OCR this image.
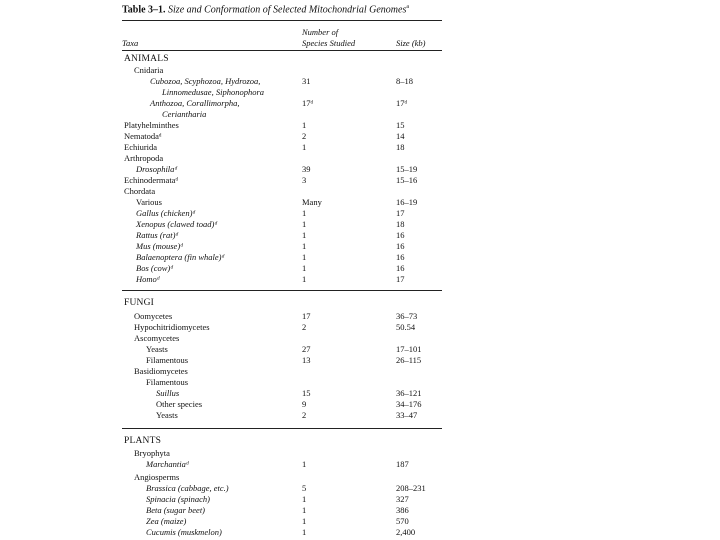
Table 3–1. Size and Conformation of Selected Mitochondrial Genomes$^a$
Taxa
Number of
Species Studied	Size (kb)
ANIMALS
Cnidaria
Cubozoa, Scyphozoa, Hydrozoa,	31	8–18
Linnomedusae, Siphonophora
Anthozoa, Corallimorpha,	17ᵈ	17ᵈ
Ceriantharia
Platyhelminthes	1	15
Nematodaᵈ	2	14
Echiurida	1	18
Arthropoda
Drosophilaᵈ	39	15–19
Echinodermataᵈ	3	15–16
Chordata
Various	Many	16–19
Gallus (chicken)ᵈ	1	17
Xenopus (clawed toad)ᵈ	1	18
Rattus (rat)ᵈ	1	16
Mus (mouse)ᵈ	1	16
Balaenoptera (fin whale)ᵈ	1	16
Bos (cow)ᵈ	1	16
Homoᵈ	1	17
FUNGI
Oomycetes	17	36–73
Hypochitridiomycetes	2	50.54
Ascomycetes
Yeasts	27	17–101
Filamentous	13	26–115
Basidiomycetes
Filamentous
Suillus	15	36–121
Other species	9	34–176
Yeasts	2	33–47
PLANTS
Bryophyta
Marchantiaᵈ	1	187
Angiosperms
Brassica (cabbage, etc.)	5	208–231
Spinacia (spinach)	1	327
Beta (sugar beet)	1	386
Zea (maize)	1	570
Cucumis (muskmelon)	1	2,400
